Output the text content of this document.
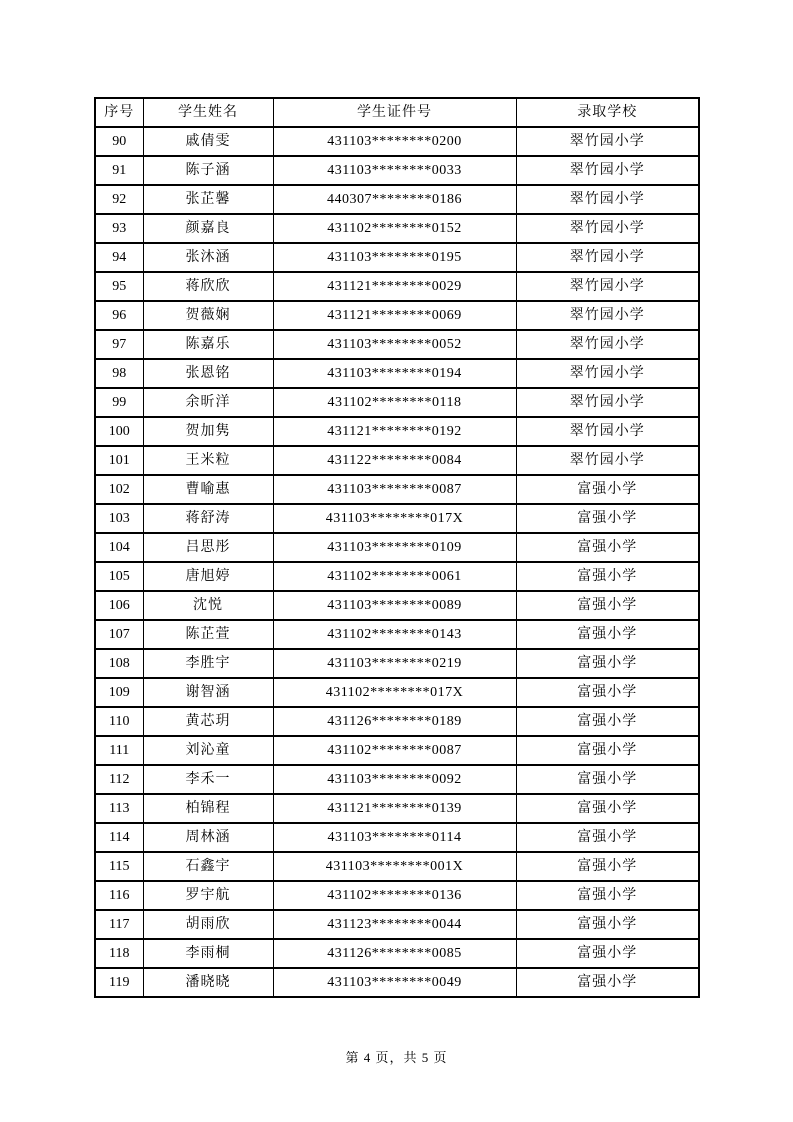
序号	学生姓名	学生证件号	录取学校
90	戚倩雯	431103********0200	翠竹园小学
91	陈子涵	431103********0033	翠竹园小学
92	张芷馨	440307********0186	翠竹园小学
93	颜嘉良	431102********0152	翠竹园小学
94	张沐涵	431103********0195	翠竹园小学
95	蒋欣欣	431121********0029	翠竹园小学
96	贺薇娴	431121********0069	翠竹园小学
97	陈嘉乐	431103********0052	翠竹园小学
98	张恩铭	431103********0194	翠竹园小学
99	余昕洋	431102********0118	翠竹园小学
100	贺加隽	431121********0192	翠竹园小学
101	王米粒	431122********0084	翠竹园小学
102	曹喻惠	431103********0087	富强小学
103	蒋舒涛	431103********017X	富强小学
104	吕思彤	431103********0109	富强小学
105	唐旭婷	431102********0061	富强小学
106	沈悦	431103********0089	富强小学
107	陈芷萱	431102********0143	富强小学
108	李胜宇	431103********0219	富强小学
109	谢智涵	431102********017X	富强小学
110	黄芯玥	431126********0189	富强小学
111	刘沁童	431102********0087	富强小学
112	李禾一	431103********0092	富强小学
113	柏锦程	431121********0139	富强小学
114	周林涵	431103********0114	富强小学
115	石鑫宇	431103********001X	富强小学
116	罗宇航	431102********0136	富强小学
117	胡雨欣	431123********0044	富强小学
118	李雨桐	431126********0085	富强小学
119	潘晓晓	431103********0049	富强小学
第 4 页，共 5 页
